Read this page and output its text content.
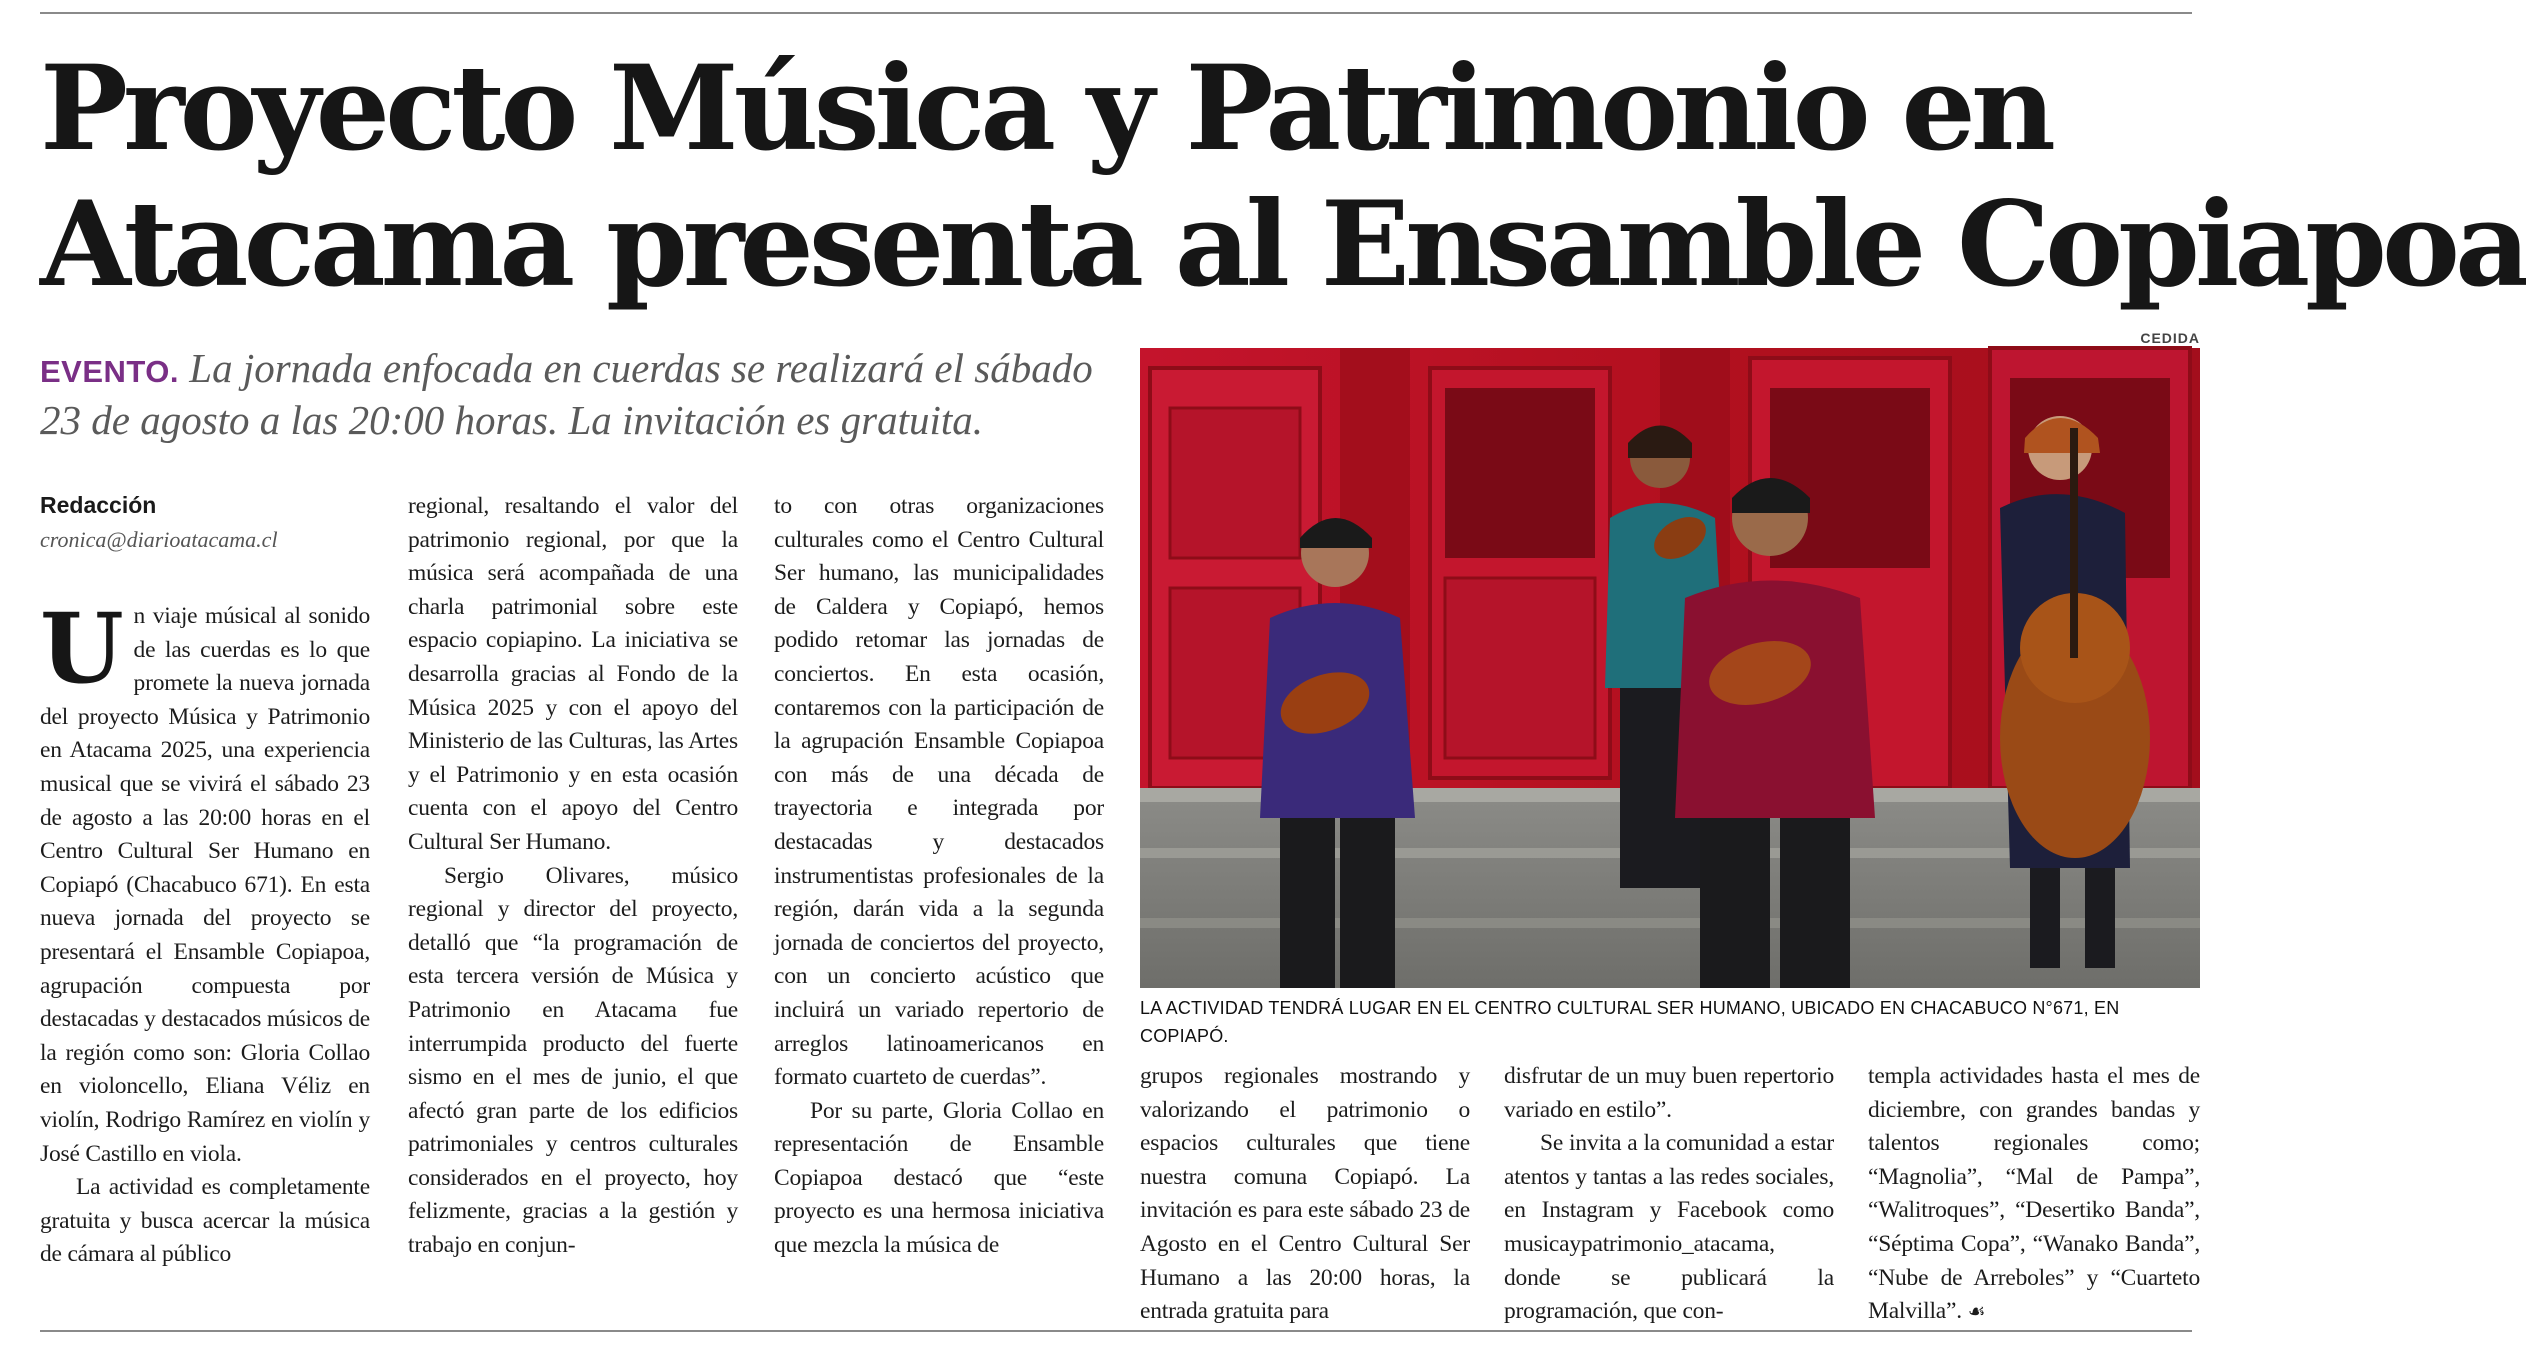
Proyecto Música y Patrimonio en
Atacama presenta al Ensamble Copiapoa

EVENTO. La jornada enfocada en cuerdas se realizará el sábado 23 de agosto a las 20:00 horas. La invitación es gratuita.

Redacción
cronica@diarioatacama.cl

Un viaje músical al sonido de las cuerdas es lo que promete la nueva jornada del proyecto Música y Patrimonio en Atacama 2025, una experiencia musical que se vivirá el sábado 23 de agosto a las 20:00 horas en el Centro Cultural Ser Humano en Copiapó (Chacabuco 671). En esta nueva jornada del proyecto se presentará el Ensamble Copiapoa, agrupación compuesta por destacadas y destacados músicos de la región como son: Gloria Collao en violoncello, Eliana Véliz en violín, Rodrigo Ramírez en violín y José Castillo en viola.

La actividad es completamente gratuita y busca acercar la música de cámara al público

regional, resaltando el valor del patrimonio regional, por que la música será acompañada de una charla patrimonial sobre este espacio copiapino. La iniciativa se desarrolla gracias al Fondo de la Música 2025 y con el apoyo del Ministerio de las Culturas, las Artes y el Patrimonio y en esta ocasión cuenta con el apoyo del Centro Cultural Ser Humano.

Sergio Olivares, músico regional y director del proyecto, detalló que “la programación de esta tercera versión de Música y Patrimonio en Atacama fue interrumpida producto del fuerte sismo en el mes de junio, el que afectó gran parte de los edificios patrimoniales y centros culturales considerados en el proyecto, hoy felizmente, gracias a la gestión y trabajo en conjun-

to con otras organizaciones culturales como el Centro Cultural Ser humano, las municipalidades de Caldera y Copiapó, hemos podido retomar las jornadas de conciertos. En esta ocasión, contaremos con la participación de la agrupación Ensamble Copiapoa con más de una década de trayectoria e integrada por destacadas y destacados instrumentistas profesionales de la región, darán vida a la segunda jornada de conciertos del proyecto, con un concierto acústico que incluirá un variado repertorio de arreglos latinoamericanos en formato cuarteto de cuerdas”.

Por su parte, Gloria Collao en representación de Ensamble Copiapoa destacó que “este proyecto es una hermosa iniciativa que mezcla la música de

CEDIDA
LA ACTIVIDAD TENDRÁ LUGAR EN EL CENTRO CULTURAL SER HUMANO, UBICADO EN CHACABUCO N°671, EN COPIAPÓ.

grupos regionales mostrando y valorizando el patrimonio o espacios culturales que tiene nuestra comuna Copiapó. La invitación es para este sábado 23 de Agosto en el Centro Cultural Ser Humano a las 20:00 horas, la entrada gratuita para

disfrutar de un muy buen repertorio variado en estilo”.

Se invita a la comunidad a estar atentos y tantas a las redes sociales, en Instagram y Facebook como musicaypatrimonio_atacama, donde se publicará la programación, que con-

templa actividades hasta el mes de diciembre, con grandes bandas y talentos regionales como; “Magnolia”, “Mal de Pampa”, “Walitroques”, “Desertiko Banda”, “Séptima Copa”, “Wanako Banda”, “Nube de Arreboles” y “Cuarteto Malvilla”. ☙
